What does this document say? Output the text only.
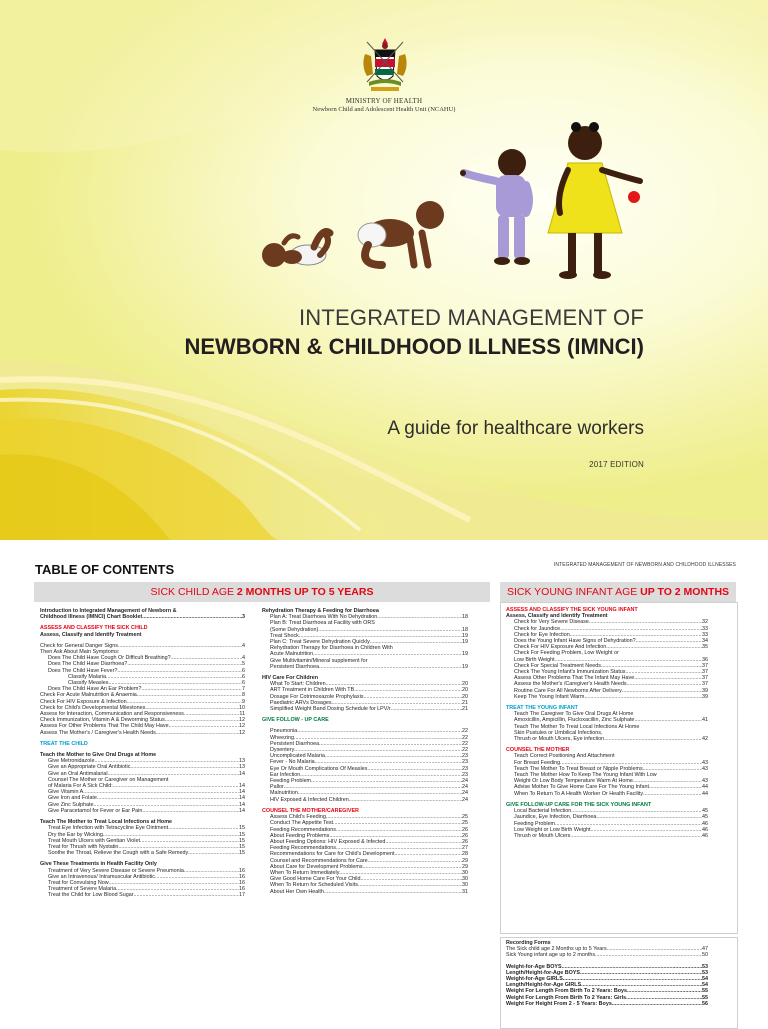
MINISTRY OF HEALTH
Newborn Child and Adolescent Health Unit (NCAHU)
INTEGRATED MANAGEMENT OF
NEWBORN & CHILDHOOD ILLNESS (IMNCI)
A guide for healthcare workers
2017 EDITION
TABLE OF CONTENTS	INTEGRATED MANAGEMENT OF NEWBORN AND CHILDHOOD ILLNESSES
SICK CHILD AGE 2 MONTHS UP TO 5 YEARS	SICK YOUNG INFANT AGE UP TO 2 MONTHS
Introduction to Integrated Management of Newborn &
Childhood Illness (IMNCI) Chart Booklet .....	3
ASSESS AND CLASSIFY THE SICK CHILD
Assess, Classify and Identify Treatment
Check for General Danger Signs .....	4
Then Ask About Main Symptoms:
Does The Child Have Cough Or Difficult Breathing? .....	4
Does The Child Have Diarrhoea? .....	5
Does The Child Have Fever? .....	6
Classify Malaria .....	6
Classify Measles .....	6
Does The Child Have An Ear Problem? .....	7
Check For Acute Malnutrition & Anaemia .....	8
Check For HIV Exposure & Infection .....	9
Check for Child's Developmental Milestones .....	10
Assess for Interaction, Communication and Responsiveness .....	11
Check Immunization, Vitamin A & Deworming Status .....	12
Assess For Other Problems That The Child May Have .....	12
Assess The Mother's / Caregiver's Health Needs .....	12
TREAT THE CHILD
Teach the Mother to Give Oral Drugs at Home
Give Metronidazole .....	13
Give an Appropriate Oral Antibiotic .....	13
Give an Oral Antimalarial .....	14
Counsel The Mother or Caregiver on Management
of Malaria For A Sick Child: .....	14
Give Vitamin A .....	14
Give Iron and Folate .....	14
Give Zinc Sulphate .....	14
Give Paracetamol for Fever or Ear Pain .....	14
Teach The Mother to Treat Local Infections at Home
Treat Eye Infection with Tetracycline Eye Ointment .....	15
Dry the Ear by Wicking .....	15
Treat Mouth Ulcers with Gentian Violet .....	15
Treat for Thrush with Nystatin .....	15
Soothe the Throat, Relieve the Cough with a Safe Remedy .....	15
Give These Treatments in Health Facility Only
Treatment of Very Severe Disease or Severe Pneumonia .....	16
Give an Intravenous/ Intramuscular Antibiotic .....	16
Treat for Convulsing Now .....	16
Treatment of Severe Malaria .....	16
Treat the Child for Low Blood Sugar .....	17
Rehydration Therapy & Feeding for Diarrhoea
Plan A: Treat Diarrhoea With No Dehydration .....	18
Plan B: Treat Diarrhoea at Facility with ORS
(Some Dehydration) .....	18
Treat Shock .....	19
Plan C: Treat Severe Dehydration Quickly .....	19
Rehydration Therapy for Diarrhoea in Children With
Acute Malnutrition .....	19
Give Multivitamin/Mineral supplement for
Persistent Diarrhoea .....	19
HIV Care For Children
What To Start: Children .....	20
ART Treatment in Children With TB .....	20
Dosage For Cotrimoxazole Prophylaxis .....	20
Paediatric ARVs Dosages .....	21
Simplified Weight Band Dosing Schedule for LPV/r .....	21
GIVE FOLLOW - UP CARE
Pneumonia .....	22
Wheezing .....	22
Persistent Diarrhoea .....	22
Dysentery .....	22
Uncomplicated Malaria .....	23
Fever - No Malaria .....	23
Eye Or Mouth Complications Of Measles .....	23
Ear Infection .....	23
Feeding Problem .....	24
Pallor .....	24
Malnutrition .....	24
HIV Exposed & Infected Children .....	24
COUNSEL THE MOTHER/CAREGIVER
Assess Child's Feeding .....	25
Conduct The Appetite Test .....	25
Feeding Recommendations .....	26
About Feeding Problems .....	26
About Feeding Options: HIV Exposed & Infected .....	26
Feeding Recommendations .....	27
Recommendations for Care for Child's Development .....	28
Counsel and Recommendations for Care .....	29
About Care for Development Problems .....	29
When To Return Immediately .....	30
Give Good Home Care For Your Child .....	30
When To Return for Scheduled Visits .....	30
About Her Own Health .....	31
ASSESS AND CLASSIFY THE SICK YOUNG INFANT
Assess, Classify and Identify Treatment
Check for Very Severe Disease .....	32
Check for Jaundice .....	33
Check for Eye Infection .....	33
Does the Young Infant Have Signs of Dehydration? .....	34
Check For HIV Exposure And Infection .....	35
Check For Feeding Problem, Low Weight or
Low Birth Weight .....	36
Check For Special Treatment Needs .....	37
Check The Young Infant's Immunization Status .....	37
Assess Other Problems That The Infant May Have .....	37
Assess the Mother's /Caregiver's Health Needs .....	37
Routine Care For All Newborns After Delivery .....	39
Keep The Young Infant Warm .....	39
TREAT THE YOUNG INFANT
Teach The Caregiver To Give Oral Drugs At Home
Amoxicillin, Ampicillin, Flucloxacillin, Zinc Sulphate .....	41
Teach The Mother To Treat Local Infections At Home
Skin Pustules or Umbilical Infections,
Thrush or Mouth Ulcers, Eye infection .....	42
COUNSEL THE MOTHER
Teach Correct Positioning And Attachment
For Breast Feeding .....	43
Teach The Mother To Treat Breast or Nipple Problems .....	43
Teach The Mother How To Keep The Young Infant With Low
Weight Or Low Body Temperature Warm At Home .....	43
Advise Mother To Give Home Care For The Young Infant .....	44
When To Return To A Health Worker Or Health Facility .....	44
GIVE FOLLOW-UP CARE FOR THE SICK YOUNG INFANT
Local Bacterial Infection .....	45
Jaundice, Eye Infection, Diarrhoea .....	45
Feeding Problem .....	46
Low Weight or Low Birth Weight .....	46
Thrush or Mouth Ulcers .....	46
Recording Forms
The Sick child age 2 Months up to 5 Years .....	47
Sick Young infant age up to 2 months .....	50
Weight-for-Age BOYS .....	53
Length/Height-for-Age BOYS .....	53
Weight-for-Age GIRLS .....	54
Length/Height-for-Age GIRLS .....	54
Weight For Length From Birth To 2 Years: Boys .....	55
Weight For Length From Birth To 2 Years: Girls .....	55
Weight For Height From 2 - 5 Years: Boys .....	56
